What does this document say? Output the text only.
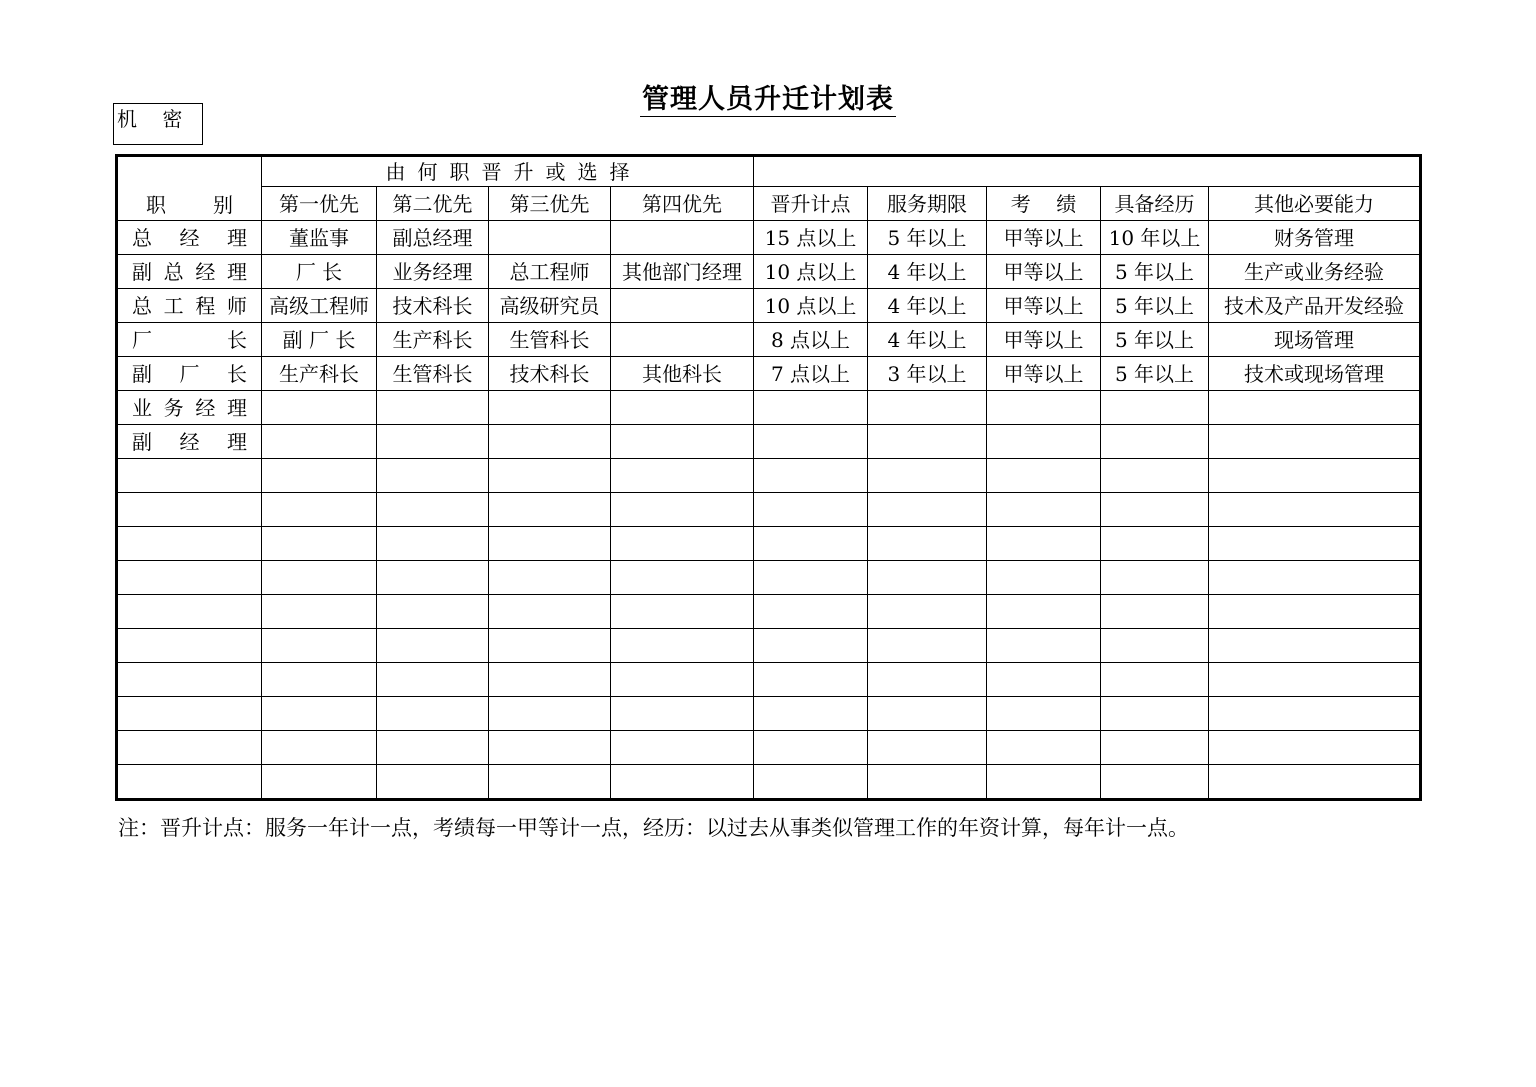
管理人员升迁计划表
机    密
职别	由何职晋升或选择								
	第一优先	第二优先	第三优先	第四优先	晋升计点	服务期限	考    绩	具备经历	其他必要能力
总经理	董监事	副总经理			15 点以上	5 年以上	甲等以上	10 年以上	财务管理
副总经理	厂 长	业务经理	总工程师	其他部门经理	10 点以上	4 年以上	甲等以上	5 年以上	生产或业务经验
总工程师	高级工程师	技术科长	高级研究员		10 点以上	4 年以上	甲等以上	5 年以上	技术及产品开发经验
厂长	副 厂 长	生产科长	生管科长		8 点以上	4 年以上	甲等以上	5 年以上	现场管理
副厂长	生产科长	生管科长	技术科长	其他科长	7 点以上	3 年以上	甲等以上	5 年以上	技术或现场管理
业务经理									
副经理									

注：晋升计点：服务一年计一点，考绩每一甲等计一点，经历：以过去从事类似管理工作的年资计算，每年计一点。
